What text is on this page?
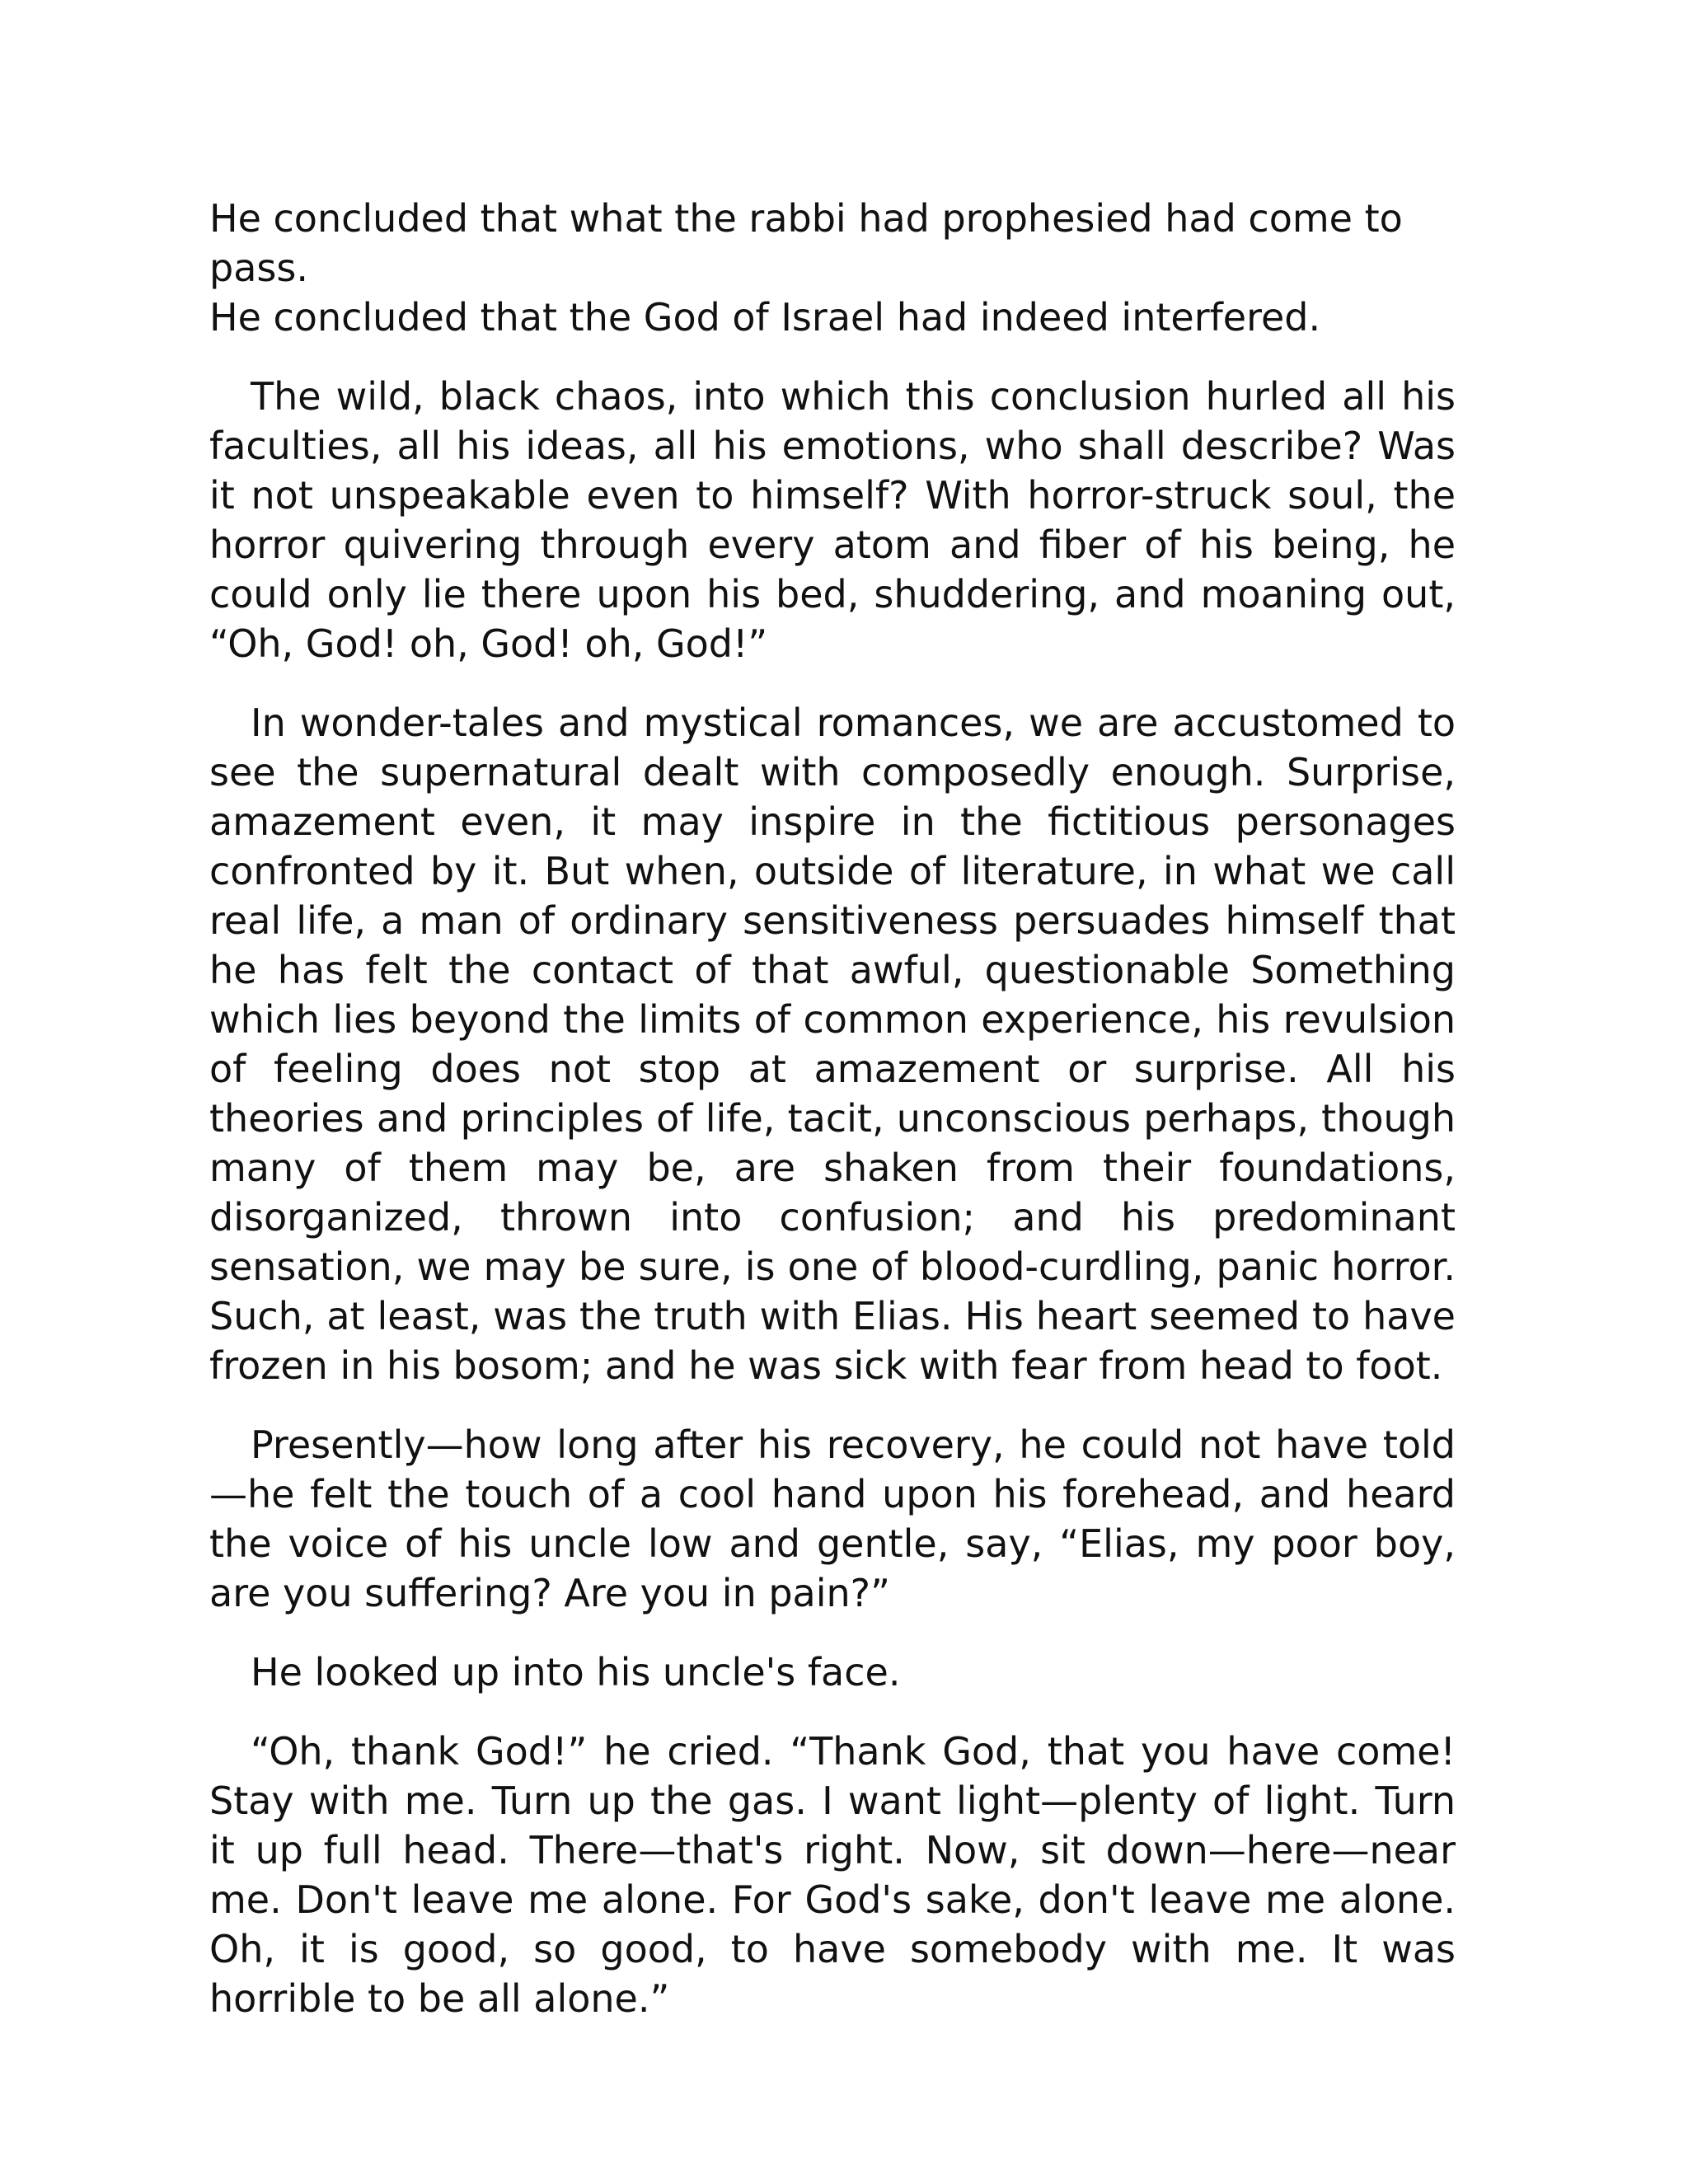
He concluded that what the rabbi had prophesied had come to pass.
He concluded that the God of Israel had indeed interfered.

The wild, black chaos, into which this conclusion hurled all his faculties, all his ideas, all his emotions, who shall describe? Was it not unspeakable even to himself? With horror-struck soul, the horror quivering through every atom and fiber of his being, he could only lie there upon his bed, shuddering, and moaning out, “Oh, God! oh, God! oh, God!”

In wonder-tales and mystical romances, we are accustomed to see the supernatural dealt with composedly enough. Surprise, amazement even, it may inspire in the fictitious personages confronted by it. But when, outside of literature, in what we call real life, a man of ordinary sensitiveness persuades himself that he has felt the contact of that awful, questionable Something which lies beyond the limits of common experience, his revulsion of feeling does not stop at amazement or surprise. All his theories and principles of life, tacit, unconscious perhaps, though many of them may be, are shaken from their foundations, disorganized, thrown into confusion; and his predominant sensation, we may be sure, is one of blood-curdling, panic horror. Such, at least, was the truth with Elias. His heart seemed to have frozen in his bosom; and he was sick with fear from head to foot.

Presently—how long after his recovery, he could not have told—he felt the touch of a cool hand upon his forehead, and heard the voice of his uncle low and gentle, say, “Elias, my poor boy, are you suffering? Are you in pain?”

He looked up into his uncle's face.

“Oh, thank God!” he cried. “Thank God, that you have come! Stay with me. Turn up the gas. I want light—plenty of light. Turn it up full head. There—that's right. Now, sit down—here—near me. Don't leave me alone. For God's sake, don't leave me alone. Oh, it is good, so good, to have somebody with me. It was horrible to be all alone.”
